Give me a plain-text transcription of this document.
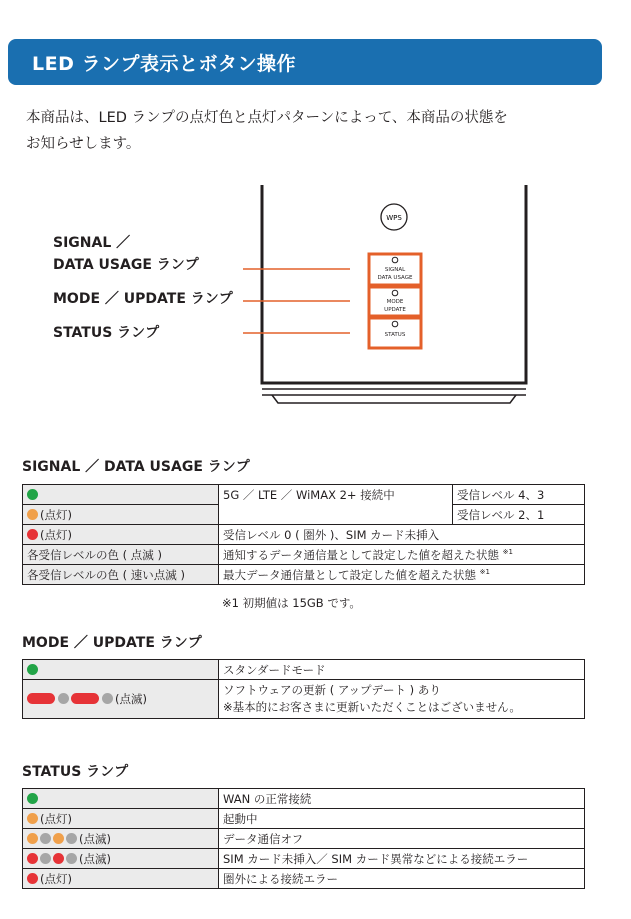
LED ランプ表示とボタン操作
本商品は、LED ランプの点灯色と点灯パターンによって、本商品の状態を
お知らせします。
WPS
SIGNAL
DATA USAGE
MODE
UPDATE
STATUS
SIGNAL ／
DATA USAGE ランプ
MODE ／ UPDATE ランプ
STATUS ランプ
SIGNAL ／ DATA USAGE ランプ
	5G ／ LTE ／ WiMAX 2+ 接続中	受信レベル 4、3
(点灯)		受信レベル 2、1
(点灯)	受信レベル 0 ( 圏外 )、SIM カード未挿入	
各受信レベルの色 ( 点滅 )	通知するデータ通信量として設定した値を超えた状態 $^{※1}$
各受信レベルの色 ( 速い点滅 )	最大データ通信量として設定した値を超えた状態 $^{※1}$
※1 初期値は 15GB です。
MODE ／ UPDATE ランプ
	スタンダードモード
(点滅)	ソフトウェアの更新 ( アップデート ) あり
※基本的にお客さまに更新いただくことはございません。
STATUS ランプ
	WAN の正常接続
(点灯)	起動中
(点滅)	データ通信オフ
(点滅)	SIM カード未挿入／ SIM カード異常などによる接続エラー
(点灯)	圏外による接続エラー
